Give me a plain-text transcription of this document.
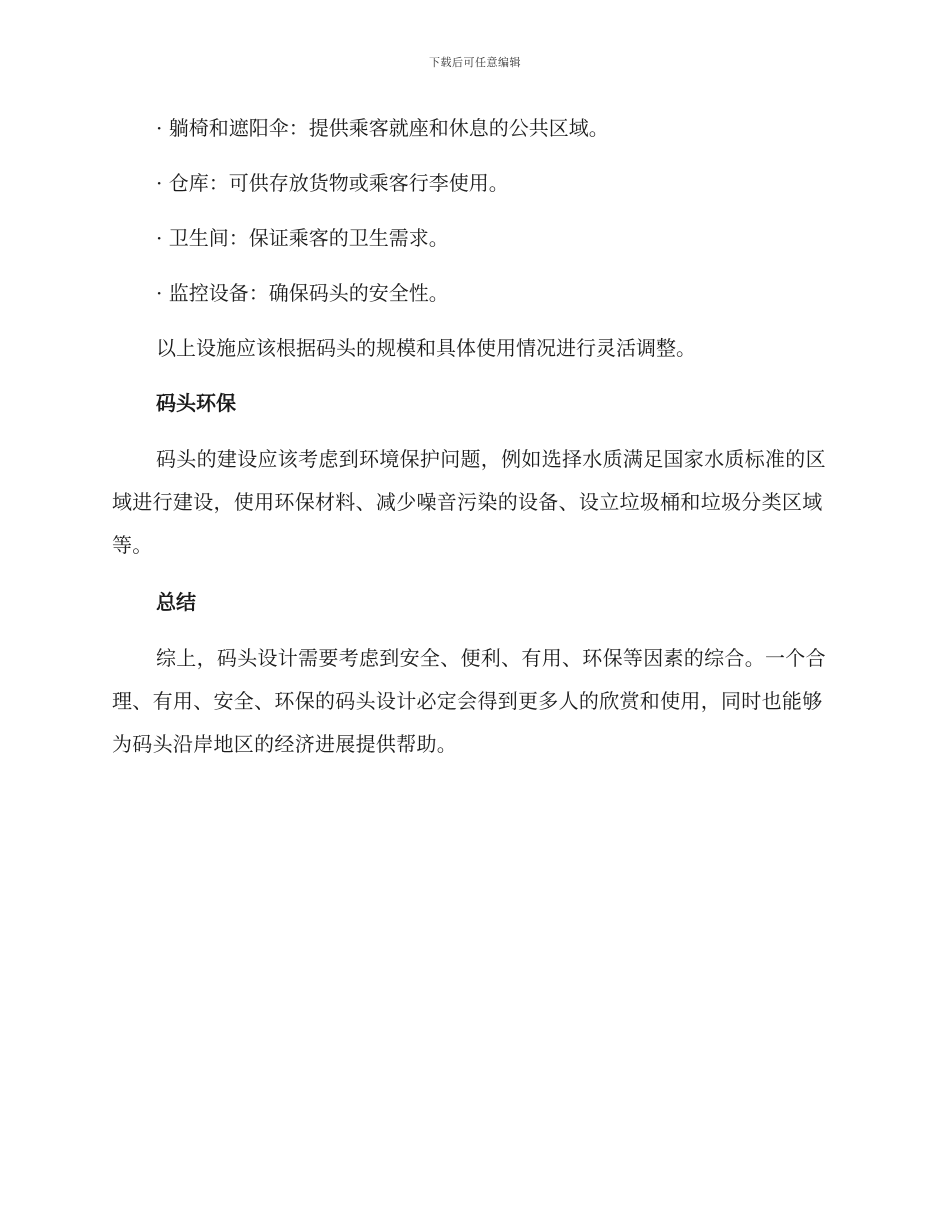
下载后可任意编辑

· 躺椅和遮阳伞：提供乘客就座和休息的公共区域。

· 仓库：可供存放货物或乘客行李使用。

· 卫生间：保证乘客的卫生需求。

· 监控设备：确保码头的安全性。

以上设施应该根据码头的规模和具体使用情况进行灵活调整。

码头环保

码头的建设应该考虑到环境保护问题，例如选择水质满足国家水质标准的区域进行建设，使用环保材料、减少噪音污染的设备、设立垃圾桶和垃圾分类区域等。

总结

综上，码头设计需要考虑到安全、便利、有用、环保等因素的综合。一个合理、有用、安全、环保的码头设计必定会得到更多人的欣赏和使用，同时也能够为码头沿岸地区的经济进展提供帮助。
